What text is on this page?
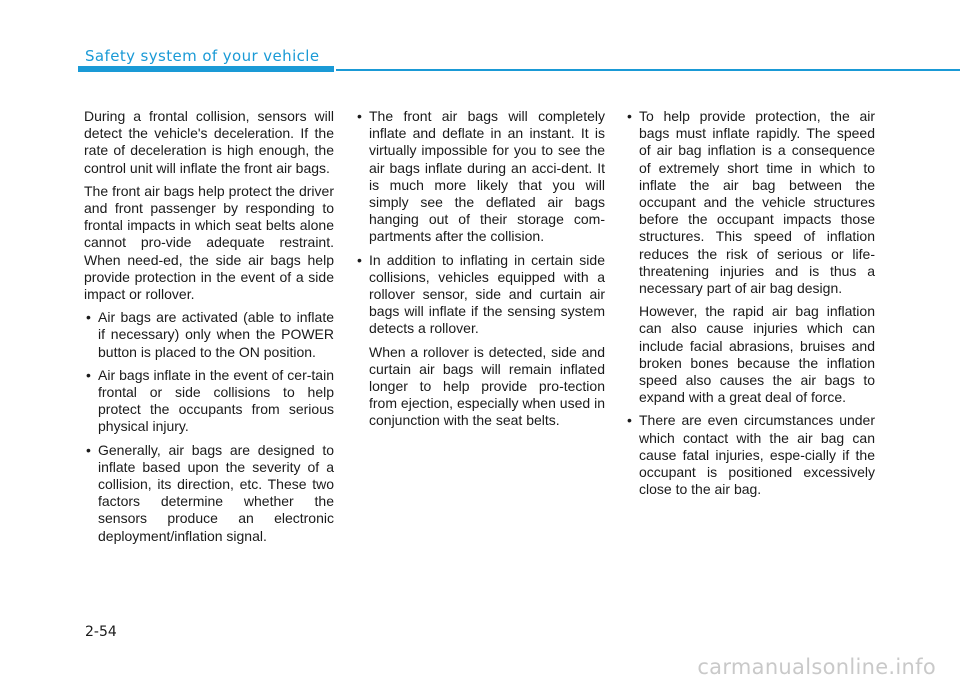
Safety system of your vehicle

During a frontal collision, sensors will detect the vehicle's deceleration. If the rate of deceleration is high enough, the control unit will inflate the front air bags.

The front air bags help protect the driver and front passenger by responding to frontal impacts in which seat belts alone cannot pro-vide adequate restraint. When need-ed, the side air bags help provide protection in the event of a side impact or rollover.

• Air bags are activated (able to inflate if necessary) only when the POWER button is placed to the ON position.
• Air bags inflate in the event of cer-tain frontal or side collisions to help protect the occupants from serious physical injury.
• Generally, air bags are designed to inflate based upon the severity of a collision, its direction, etc. These two factors determine whether the sensors produce an electronic deployment/inflation signal.
• The front air bags will completely inflate and deflate in an instant. It is virtually impossible for you to see the air bags inflate during an acci-dent. It is much more likely that you will simply see the deflated air bags hanging out of their storage com-partments after the collision.
• In addition to inflating in certain side collisions, vehicles equipped with a rollover sensor, side and curtain air bags will inflate if the sensing system detects a rollover.
When a rollover is detected, side and curtain air bags will remain inflated longer to help provide pro-tection from ejection, especially when used in conjunction with the seat belts.
• To help provide protection, the air bags must inflate rapidly. The speed of air bag inflation is a consequence of extremely short time in which to inflate the air bag between the occupant and the vehicle structures before the occupant impacts those structures. This speed of inflation reduces the risk of serious or life-threatening injuries and is thus a necessary part of air bag design.
However, the rapid air bag inflation can also cause injuries which can include facial abrasions, bruises and broken bones because the inflation speed also causes the air bags to expand with a great deal of force.
• There are even circumstances under which contact with the air bag can cause fatal injuries, espe-cially if the occupant is positioned excessively close to the air bag.
2-54
carmanualsonline.info
